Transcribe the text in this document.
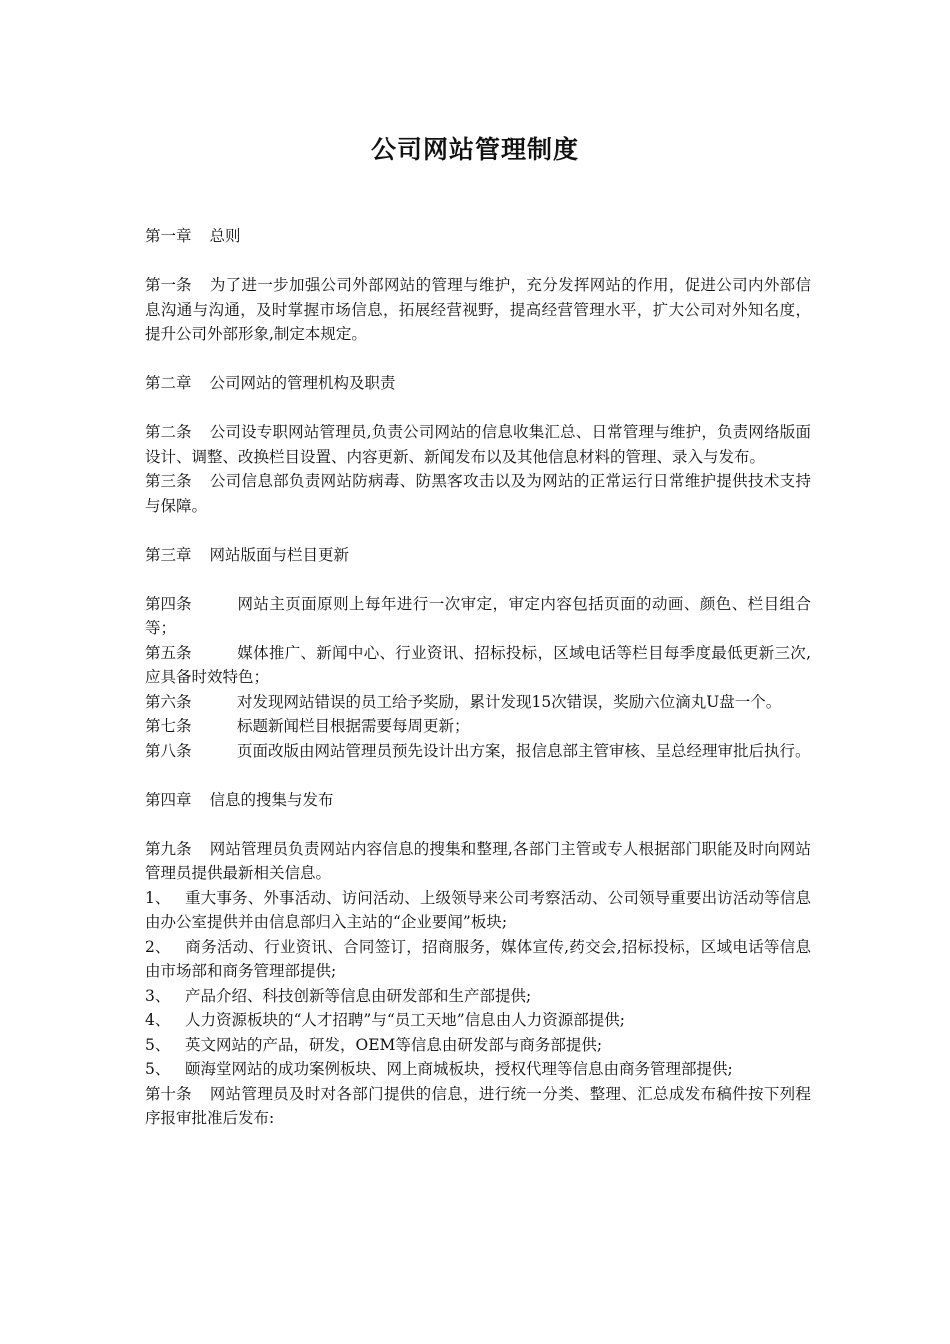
公司网站管理制度

第一章 总则

第一条 为了进一步加强公司外部网站的管理与维护，充分发挥网站的作用，促进公司内外部信息沟通与沟通，及时掌握市场信息，拓展经营视野，提高经营管理水平，扩大公司对外知名度，提升公司外部形象,制定本规定。

第二章 公司网站的管理机构及职责

第二条 公司设专职网站管理员,负责公司网站的信息收集汇总、日常管理与维护，负责网络版面设计、调整、改换栏目设置、内容更新、新闻发布以及其他信息材料的管理、录入与发布。

第三条 公司信息部负责网站防病毒、防黑客攻击以及为网站的正常运行日常维护提供技术支持与保障。

第三章 网站版面与栏目更新

第四条	网站主页面原则上每年进行一次审定，审定内容包括页面的动画、颜色、栏目组合等；

第五条	媒体推广、新闻中心、行业资讯、招标投标，区域电话等栏目每季度最低更新三次,应具备时效特色；

第六条	对发现网站错误的员工给予奖励，累计发现15次错误，奖励六位滴丸U盘一个。

第七条	标题新闻栏目根据需要每周更新；

第八条	页面改版由网站管理员预先设计出方案，报信息部主管审核、呈总经理审批后执行。

第四章 信息的搜集与发布

第九条 网站管理员负责网站内容信息的搜集和整理,各部门主管或专人根据部门职能及时向网站管理员提供最新相关信息。

1、 重大事务、外事活动、访问活动、上级领导来公司考察活动、公司领导重要出访活动等信息由办公室提供并由信息部归入主站的“企业要闻”板块;

2、 商务活动、行业资讯、合同签订，招商服务，媒体宣传,药交会,招标投标，区域电话等信息由市场部和商务管理部提供;

3、 产品介绍、科技创新等信息由研发部和生产部提供;

4、 人力资源板块的“人才招聘”与“员工天地”信息由人力资源部提供;

5、 英文网站的产品，研发，OEM等信息由研发部与商务部提供;

5、 颐海堂网站的成功案例板块、网上商城板块，授权代理等信息由商务管理部提供;

第十条 网站管理员及时对各部门提供的信息，进行统一分类、整理、汇总成发布稿件按下列程序报审批准后发布:
